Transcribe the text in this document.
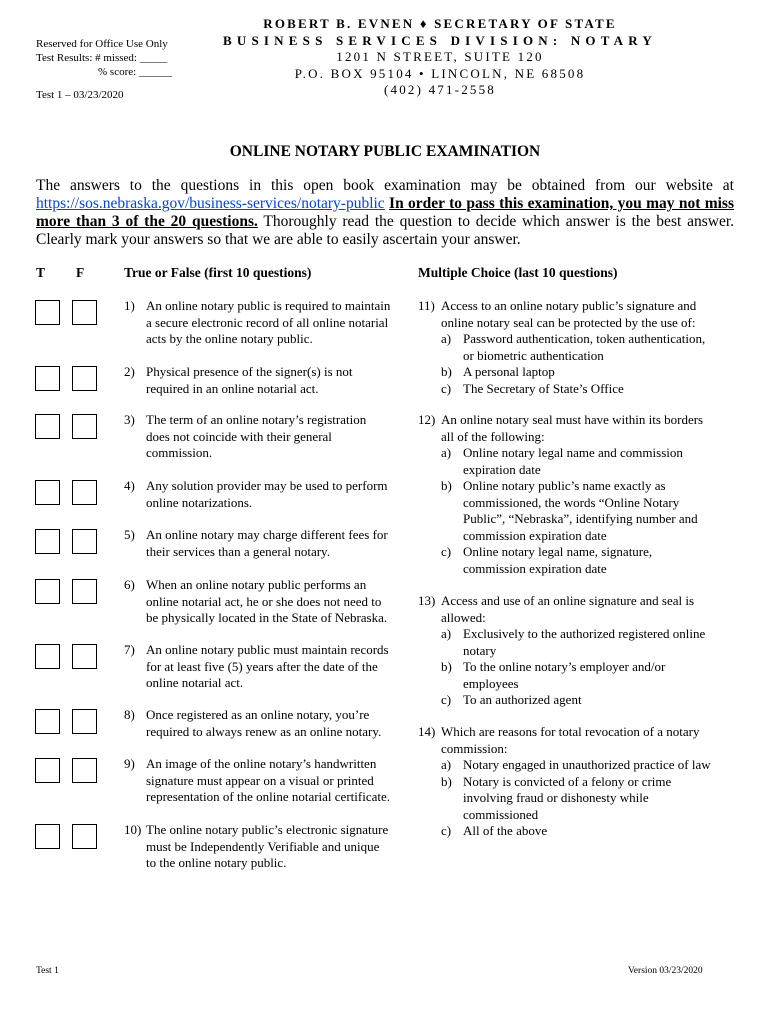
Reserved for Office Use Only
Test Results: # missed: _____
% score: ______
Test 1 – 03/23/2020
ROBERT B. EVNEN ♦ SECRETARY OF STATE
BUSINESS SERVICES DIVISION: NOTARY
1201 N STREET, SUITE 120
P.O. BOX 95104 • LINCOLN, NE 68508
(402) 471-2558
ONLINE NOTARY PUBLIC EXAMINATION
The answers to the questions in this open book examination may be obtained from our website at https://sos.nebraska.gov/business-services/notary-public In order to pass this examination, you may not miss more than 3 of the 20 questions. Thoroughly read the question to decide which answer is the best answer. Clearly mark your answers so that we are able to easily ascertain your answer.
T F	True or False (first 10 questions)	Multiple Choice (last 10 questions)
1) An online notary public is required to maintain
a secure electronic record of all online notarial
acts by the online notary public.
2) Physical presence of the signer(s) is not
required in an online notarial act.
3) The term of an online notary’s registration
does not coincide with their general
commission.
4) Any solution provider may be used to perform
online notarizations.
5) An online notary may charge different fees for
their services than a general notary.
6) When an online notary public performs an
online notarial act, he or she does not need to
be physically located in the State of Nebraska.
7) An online notary public must maintain records
for at least five (5) years after the date of the
online notarial act.
8) Once registered as an online notary, you’re
required to always renew as an online notary.
9) An image of the online notary’s handwritten
signature must appear on a visual or printed
representation of the online notarial certificate.
10) The online notary public’s electronic signature
must be Independently Verifiable and unique
to the online notary public.
11) Access to an online notary public’s signature and
online notary seal can be protected by the use of:
a) Password authentication, token authentication,
or biometric authentication
b) A personal laptop
c) The Secretary of State’s Office
12) An online notary seal must have within its borders
all of the following:
a) Online notary legal name and commission
expiration date
b) Online notary public’s name exactly as
commissioned, the words “Online Notary
Public”, “Nebraska”, identifying number and
commission expiration date
c) Online notary legal name, signature,
commission expiration date
13) Access and use of an online signature and seal is
allowed:
a) Exclusively to the authorized registered online
notary
b) To the online notary’s employer and/or
employees
c) To an authorized agent
14) Which are reasons for total revocation of a notary
commission:
a) Notary engaged in unauthorized practice of law
b) Notary is convicted of a felony or crime
involving fraud or dishonesty while
commissioned
c) All of the above
Test 1	Version 03/23/2020
